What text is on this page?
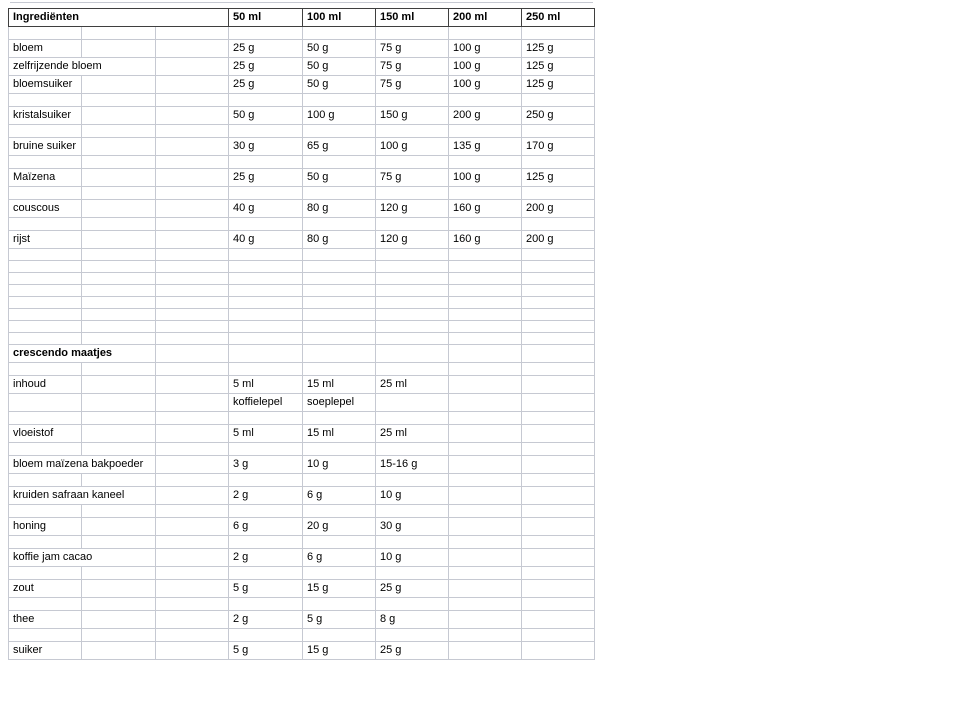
Ingrediënten			50 ml	100 ml	150 ml	200 ml	250 ml

bloem			25 g	50 g	75 g	100 g	125 g
zelfrijzende bloem			25 g	50 g	75 g	100 g	125 g
bloemsuiker			25 g	50 g	75 g	100 g	125 g

kristalsuiker			50 g	100 g	150 g	200 g	250 g

bruine suiker			30 g	65 g	100 g	135 g	170 g

Maïzena			25 g	50 g	75 g	100 g	125 g

couscous			40 g	80 g	120 g	160 g	200 g

rijst			40 g	80 g	120 g	160 g	200 g

crescendo maatjes							

inhoud			5 ml	15 ml	25 ml		
			koffielepel	soeplepel			

vloeistof			5 ml	15 ml	25 ml		

bloem maïzena bakpoeder			3 g	10 g	15-16 g		

kruiden safraan kaneel			2 g	6 g	10 g		

honing			6 g	20 g	30 g		

koffie jam cacao			2 g	6 g	10 g		

zout			5 g	15 g	25 g		

thee			2 g	5 g	8 g		

suiker			5 g	15 g	25 g		
